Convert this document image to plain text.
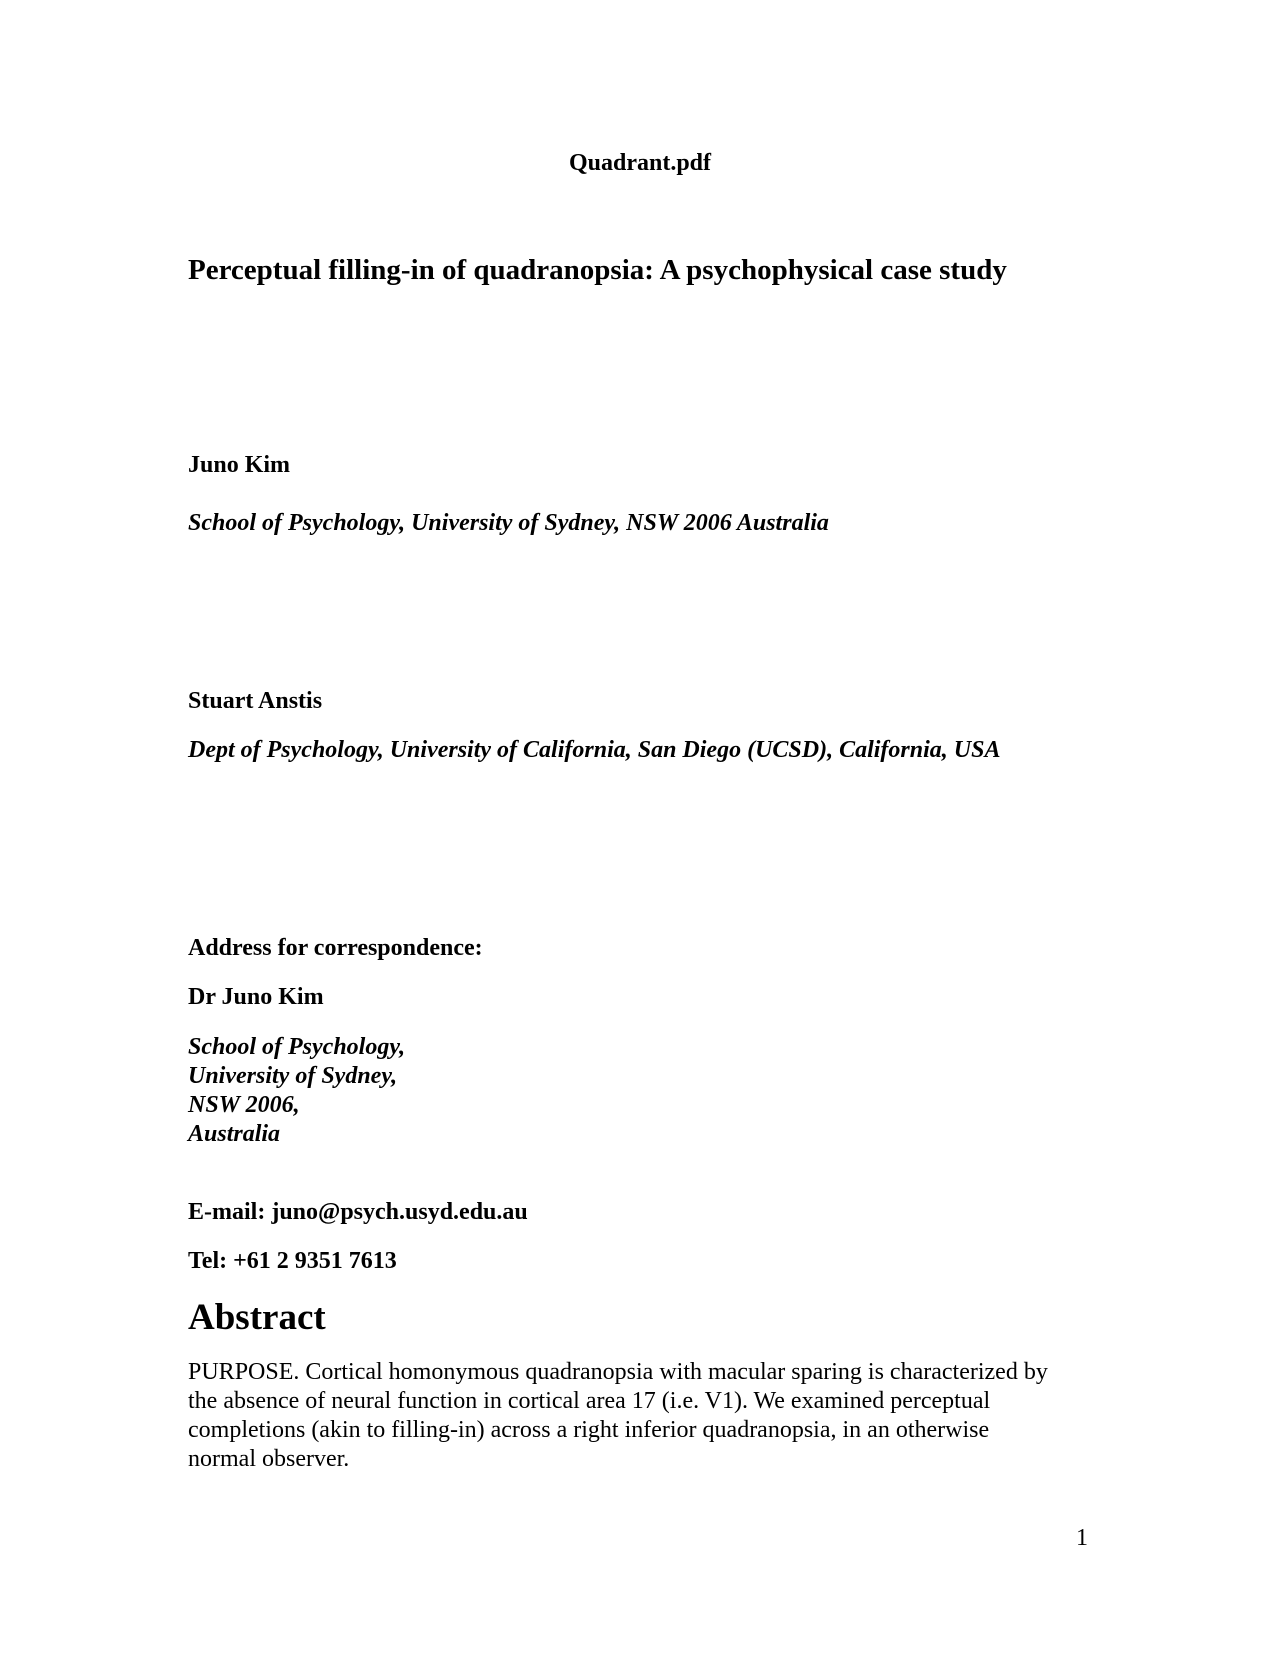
Quadrant.pdf
Perceptual filling-in of quadranopsia: A psychophysical case study
Juno Kim
School of Psychology, University of Sydney, NSW 2006 Australia
Stuart Anstis
Dept of Psychology, University of California, San Diego (UCSD), California, USA
Address for correspondence:
Dr Juno Kim
School of Psychology,
University of Sydney,
NSW 2006,
Australia
E-mail: juno@psych.usyd.edu.au
Tel: +61 2 9351 7613
Abstract
PURPOSE. Cortical homonymous quadranopsia with macular sparing is characterized by
the absence of neural function in cortical area 17 (i.e. V1). We examined perceptual
completions (akin to filling-in) across a right inferior quadranopsia, in an otherwise
normal observer.
1
